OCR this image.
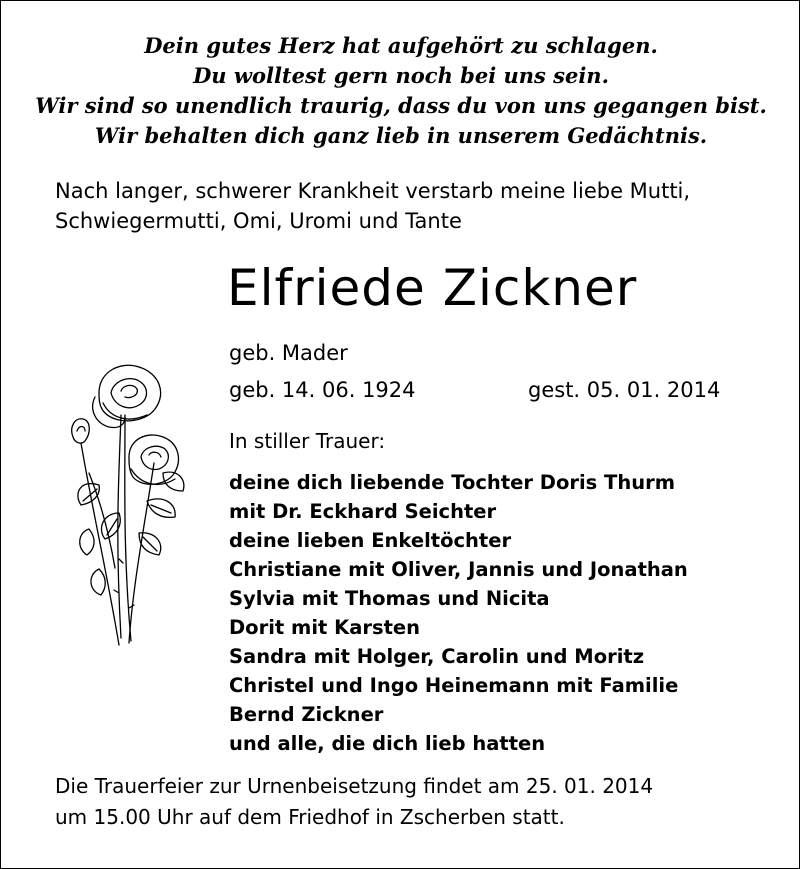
Dein gutes Herz hat aufgehört zu schlagen.
Du wolltest gern noch bei uns sein.
Wir sind so unendlich traurig, dass du von uns gegangen bist.
Wir behalten dich ganz lieb in unserem Gedächtnis.
Nach langer, schwerer Krankheit verstarb meine liebe Mutti,
Schwiegermutti, Omi, Uromi und Tante
Elfriede Zickner
geb. Mader
geb. 14. 06. 1924	gest. 05. 01. 2014
In stiller Trauer:
deine dich liebende Tochter Doris Thurm
mit Dr. Eckhard Seichter
deine lieben Enkeltöchter
Christiane mit Oliver, Jannis und Jonathan
Sylvia mit Thomas und Nicita
Dorit mit Karsten
Sandra mit Holger, Carolin und Moritz
Christel und Ingo Heinemann mit Familie
Bernd Zickner
und alle, die dich lieb hatten
Die Trauerfeier zur Urnenbeisetzung findet am 25. 01. 2014
um 15.00 Uhr auf dem Friedhof in Zscherben statt.
